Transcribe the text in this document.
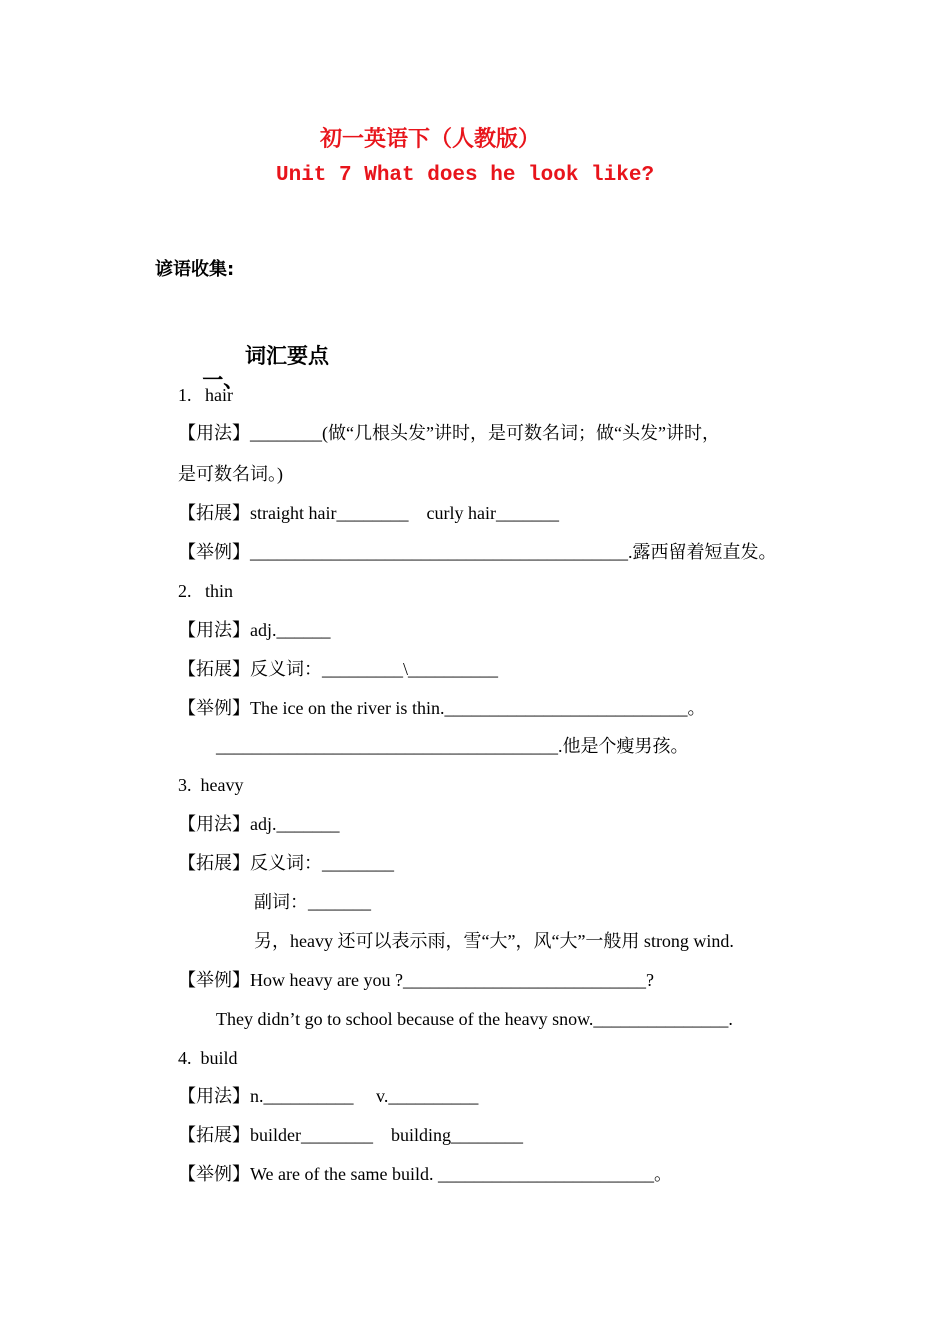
初一英语下（人教版）
Unit 7 What does he look like?
谚语收集:

一、

词汇要点

1.   hair
【用法】________(做“几根头发”讲时，是可数名词；做“头发”讲时，
是可数名词。)
【拓展】straight hair________    curly hair_______
【举例】__________________________________________.露西留着短直发。
2.   thin
【用法】adj.______
【拓展】反义词：_________\__________
【举例】The ice on the river is thin.___________________________。
______________________________________.他是个瘦男孩。
3.  heavy
【用法】adj._______
【拓展】反义词：________
副词：_______
另，heavy 还可以表示雨，雪“大”，风“大”一般用 strong wind.
【举例】How heavy are you ?___________________________?
They didn’t go to school because of the heavy snow._______________.
4.  build
【用法】n.__________     v.__________
【拓展】builder________    building________
【举例】We are of the same build. ________________________。
